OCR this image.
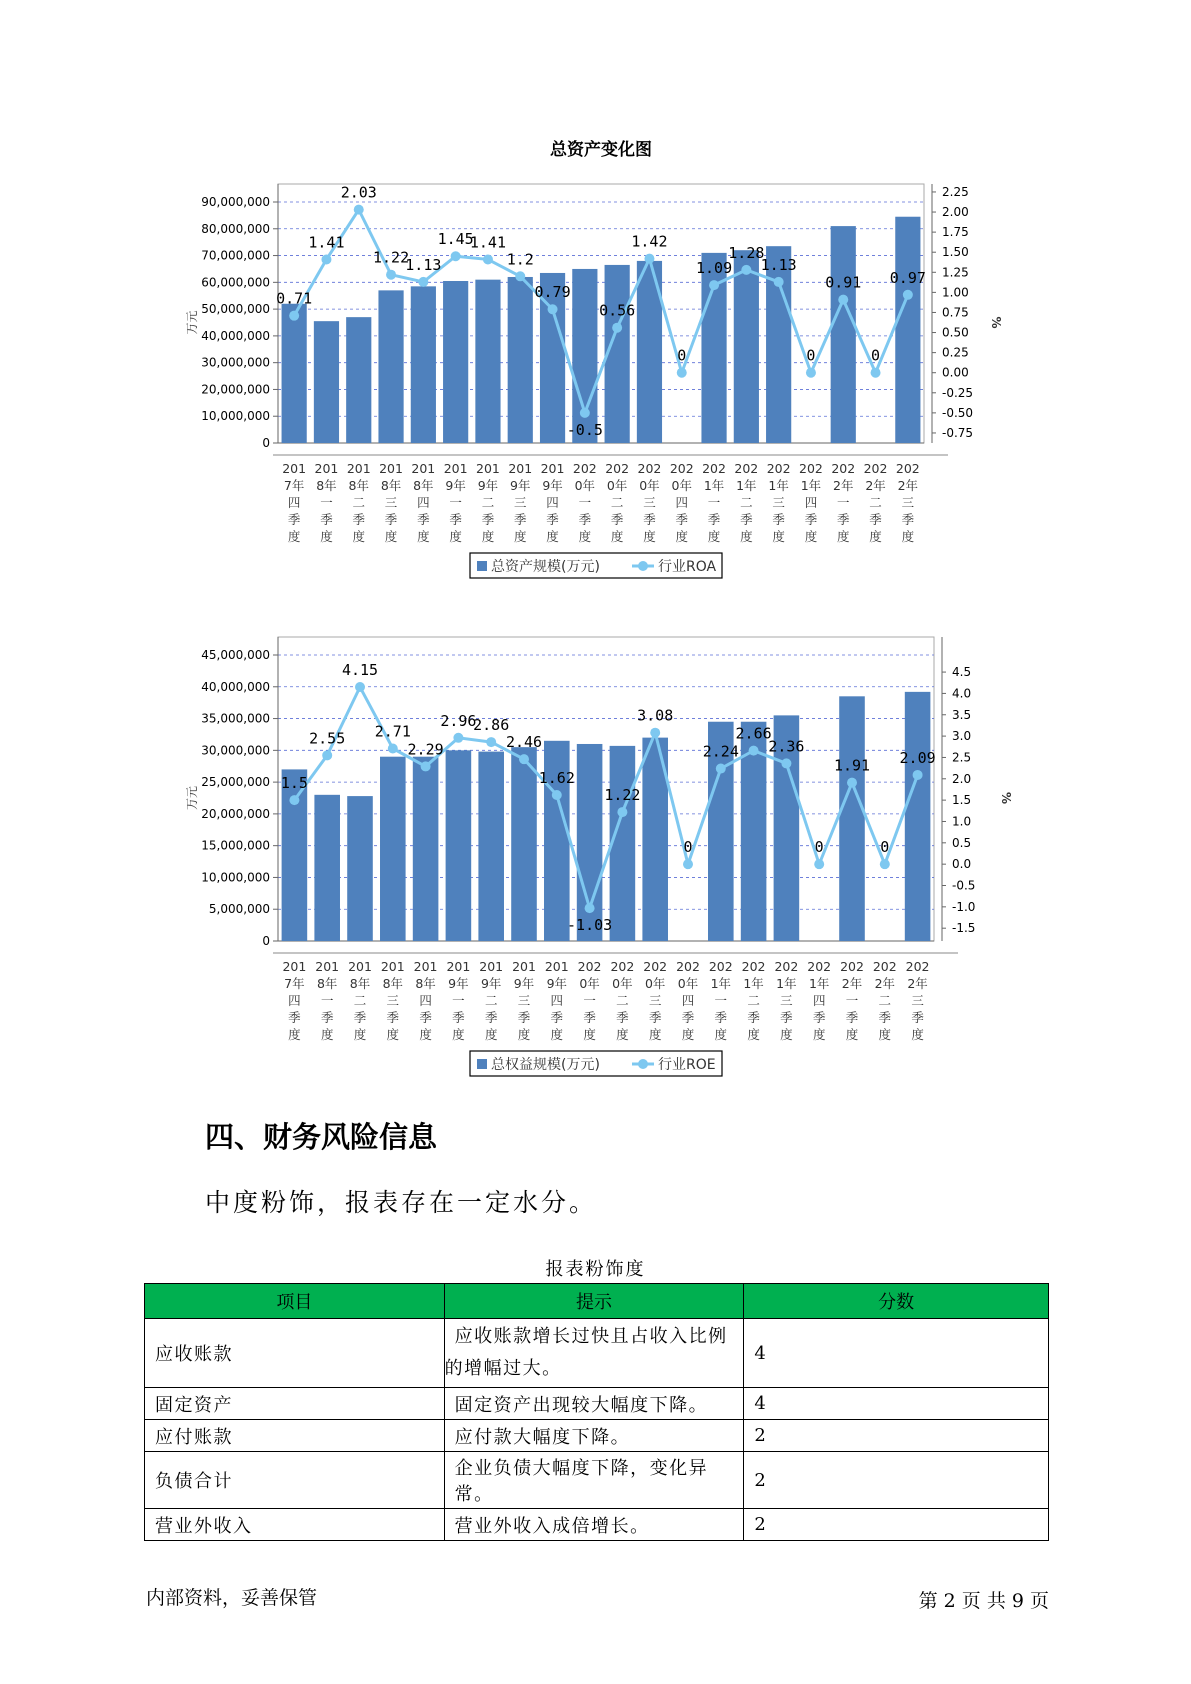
总资产变化图
0
10,000,000
20,000,000
30,000,000
40,000,000
50,000,000
60,000,000
70,000,000
80,000,000
90,000,000
-0.75
-0.50
-0.25
0.00
0.25
0.50
0.75
1.00
1.25
1.50
1.75
2.00
2.25
万元	%
0.71
1.41
2.03
1.22
1.13
1.45
1.41
1.2
0.79
-0.5
0.56
1.42
0
1.09
1.28
1.13
0
0.91
0
0.97
201
7年
四
季
度
201
8年
一
季
度
201
8年
二
季
度
201
8年
三
季
度
201
8年
四
季
度
201
9年
一
季
度
201
9年
二
季
度
201
9年
三
季
度
201
9年
四
季
度
202
0年
一
季
度
202
0年
二
季
度
202
0年
三
季
度
202
0年
四
季
度
202
1年
一
季
度
202
1年
二
季
度
202
1年
三
季
度
202
1年
四
季
度
202
2年
一
季
度
202
2年
二
季
度
202
2年
三
季
度
总资产规模(万元)	行业ROA
0
5,000,000
10,000,000
15,000,000
20,000,000
25,000,000
30,000,000
35,000,000
40,000,000
45,000,000
-1.5
-1.0
-0.5
0.0
0.5
1.0
1.5
2.0
2.5
3.0
3.5
4.0
4.5
万元	%
1.5
2.55
4.15
2.71
2.29
2.96
2.86
2.46
1.62
-1.03
1.22
3.08
0
2.24
2.66
2.36
0
1.91
0
2.09
201
7年
四
季
度
201
8年
一
季
度
201
8年
二
季
度
201
8年
三
季
度
201
8年
四
季
度
201
9年
一
季
度
201
9年
二
季
度
201
9年
三
季
度
201
9年
四
季
度
202
0年
一
季
度
202
0年
二
季
度
202
0年
三
季
度
202
0年
四
季
度
202
1年
一
季
度
202
1年
二
季
度
202
1年
三
季
度
202
1年
四
季
度
202
2年
一
季
度
202
2年
二
季
度
202
2年
三
季
度
总权益规模(万元)	行业ROE
四、财务风险信息
中度粉饰，报表存在一定水分。
报表粉饰度
项目	提示	分数
应收账款	应收账款增长过快且占收入比例
的增幅过大。	4
固定资产	固定资产出现较大幅度下降。	4
应付账款	应付款大幅度下降。	2
负债合计	企业负债大幅度下降，变化异常。	2
营业外收入	营业外收入成倍增长。	2
内部资料，妥善保管	第 2 页 共 9 页
